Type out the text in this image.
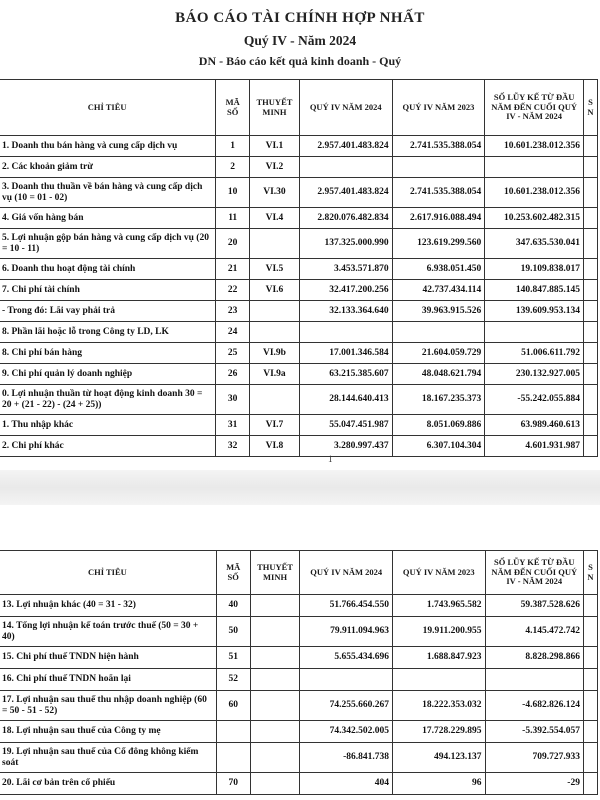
BÁO CÁO TÀI CHÍNH HỢP NHẤT
Quý IV - Năm 2024
DN - Báo cáo kết quả kinh doanh - Quý
CHỈ TIÊU	MÃ SỐ	THUYẾT MINH	QUÝ IV NĂM 2024	QUÝ IV NĂM 2023	SỐ LŨY KẾ TỪ ĐẦU NĂM ĐẾN CUỐI QUÝ IV - NĂM 2024	S N
1. Doanh thu bán hàng và cung cấp dịch vụ	1	VI.1	2.957.401.483.824	2.741.535.388.054	10.601.238.012.356	
2. Các khoản giảm trừ	2	VI.2				
3. Doanh thu thuần về bán hàng và cung cấp dịch vụ (10 = 01 - 02)	10	VI.30	2.957.401.483.824	2.741.535.388.054	10.601.238.012.356	
4. Giá vốn hàng bán	11	VI.4	2.820.076.482.834	2.617.916.088.494	10.253.602.482.315	
5. Lợi nhuận gộp bán hàng và cung cấp dịch vụ (20 = 10 - 11)	20		137.325.000.990	123.619.299.560	347.635.530.041	
6. Doanh thu hoạt động tài chính	21	VI.5	3.453.571.870	6.938.051.450	19.109.838.017	
7. Chi phí tài chính	22	VI.6	32.417.200.256	42.737.434.114	140.847.885.145	
- Trong đó: Lãi vay phải trả	23		32.133.364.640	39.963.915.526	139.609.953.134	
8. Phần lãi hoặc lỗ trong Công ty LD, LK	24					
8. Chi phí bán hàng	25	VI.9b	17.001.346.584	21.604.059.729	51.006.611.792	
9. Chi phí quản lý doanh nghiệp	26	VI.9a	63.215.385.607	48.048.621.794	230.132.927.005	
0. Lợi nhuận thuần từ hoạt động kinh doanh 30 = 20 + (21 - 22) - (24 + 25))	30		28.144.640.413	18.167.235.373	-55.242.055.884	
1. Thu nhập khác	31	VI.7	55.047.451.987	8.051.069.886	63.989.460.613	
2. Chi phí khác	32	VI.8	3.280.997.437	6.307.104.304	4.601.931.987	
1
CHỈ TIÊU	MÃ SỐ	THUYẾT MINH	QUÝ IV NĂM 2024	QUÝ IV NĂM 2023	SỐ LŨY KẾ TỪ ĐẦU NĂM ĐẾN CUỐI QUÝ IV - NĂM 2024	S N
13. Lợi nhuận khác (40 = 31 - 32)	40		51.766.454.550	1.743.965.582	59.387.528.626	
14. Tổng lợi nhuận kế toán trước thuế (50 = 30 + 40)	50		79.911.094.963	19.911.200.955	4.145.472.742	
15. Chi phí thuế TNDN hiện hành	51		5.655.434.696	1.688.847.923	8.828.298.866	
16. Chi phí thuế TNDN hoãn lại	52					
17. Lợi nhuận sau thuế thu nhập doanh nghiệp (60 = 50 - 51 - 52)	60		74.255.660.267	18.222.353.032	-4.682.826.124	
18. Lợi nhuận sau thuế của Công ty mẹ			74.342.502.005	17.728.229.895	-5.392.554.057	
19. Lợi nhuận sau thuế của Cổ đông không kiểm soát			-86.841.738	494.123.137	709.727.933	
20. Lãi cơ bản trên cổ phiếu	70		404	96	-29	
